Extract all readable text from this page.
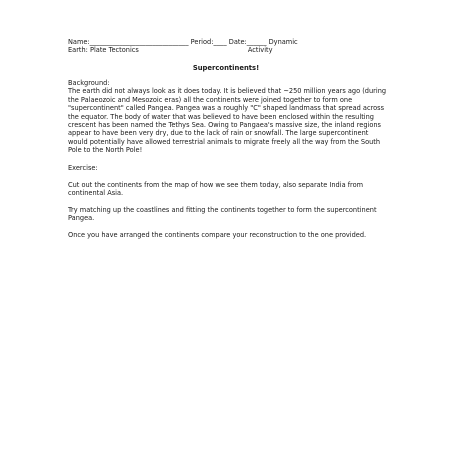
Name:______________________________ Period:____ Date:______ Dynamic
Earth: Plate Tectonics                                                    Activity
Supercontinents!

Background:

The earth did not always look as it does today. It is believed that ~250 million years ago (during the Palaeozoic and Mesozoic eras) all the continents were joined together to form one "supercontinent" called Pangea. Pangea was a roughly "C" shaped landmass that spread across the equator. The body of water that was believed to have been enclosed within the resulting crescent has been named the Tethys Sea. Owing to Pangaea's massive size, the inland regions appear to have been very dry, due to the lack of rain or snowfall. The large supercontinent would potentially have allowed terrestrial animals to migrate freely all the way from the South Pole to the North Pole!

Exercise:

Cut out the continents from the map of how we see them today, also separate India from continental Asia.

Try matching up the coastlines and fitting the continents together to form the supercontinent Pangea.

Once you have arranged the continents compare your reconstruction to the one provided.
